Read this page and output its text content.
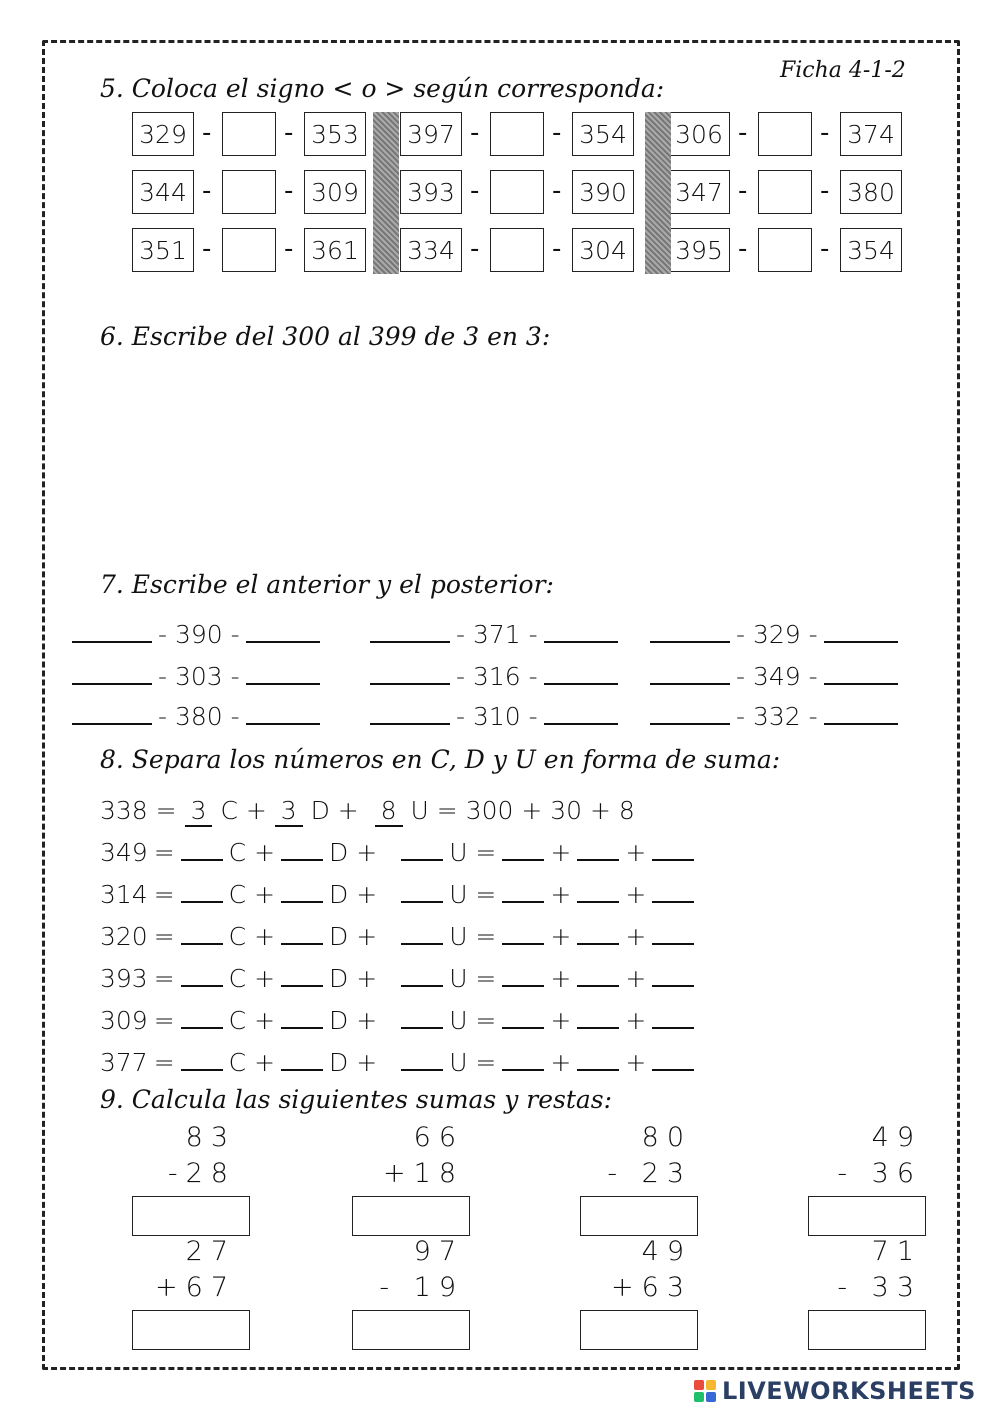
Ficha 4-1-2
5. Coloca el signo < o > según corresponda:
329 -	- 353 397 -	- 354 306 -	- 374
344 -	- 309 393 -	- 390 347 -	- 380
351 -	- 361 334 -	- 304 395 -	- 354
6. Escribe del 300 al 399 de 3 en 3:
7. Escribe el anterior y el posterior:
- 390 -	- 371 -	- 329 -
- 303 -	- 316 -	- 349 -
- 380 -	- 310 -	- 332 -
8. Separa los números en C, D y U en forma de suma:
338 = 3 C + 3 D + 8 U = 300 + 30 + 8
349 = C + D +	U = + +
314 = C + D +	U = + +
320 = C + D +	U = + +
393 = C + D +	U = + +
309 = C + D +	U = + +
377 = C + D +	U = + +
9. Calcula las siguientes sumas y restas:
83
-28
66
+18
80
- 23
49
- 36
27
+67
97
- 19
49
+63
71
- 33
LIVEWORKSHEETS
